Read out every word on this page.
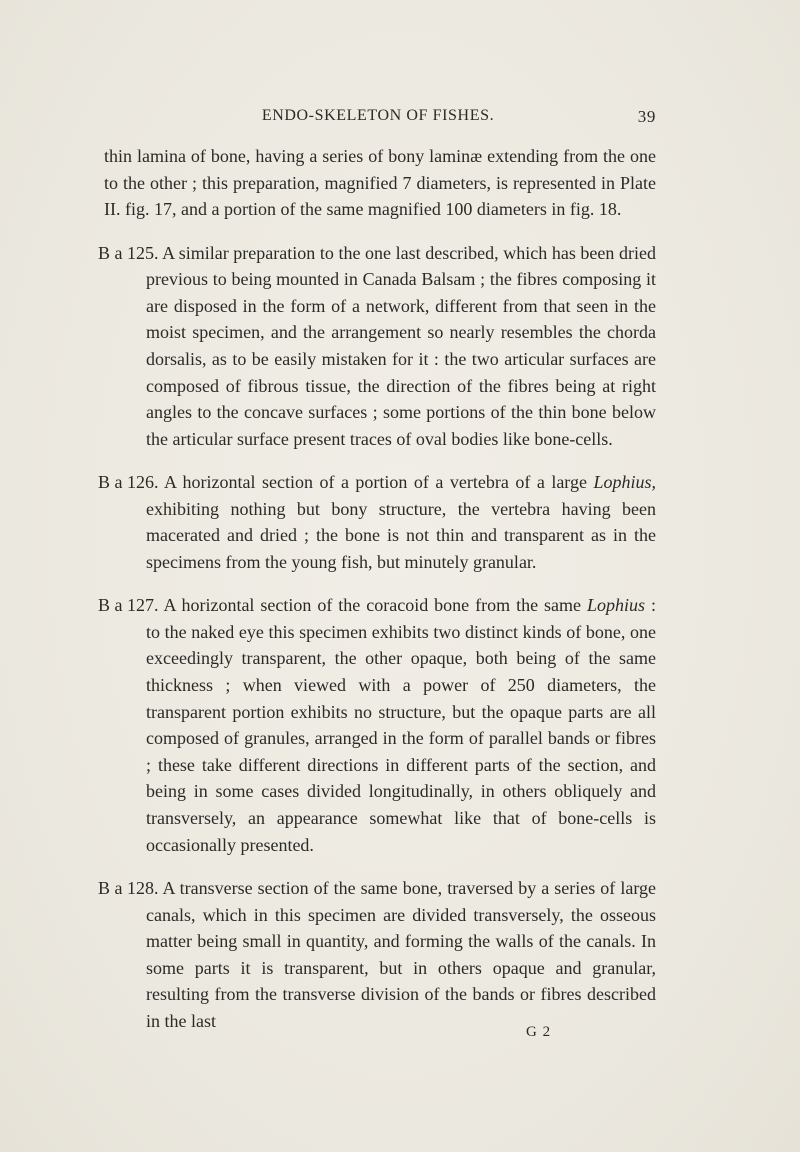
ENDO-SKELETON OF FISHES.	39

thin lamina of bone, having a series of bony laminæ extending from the one to the other ; this preparation, magnified 7 diameters, is represented in Plate II. fig. 17, and a portion of the same magnified 100 diameters in fig. 18.

B a 125. A similar preparation to the one last described, which has been dried previous to being mounted in Canada Balsam ; the fibres composing it are disposed in the form of a network, different from that seen in the moist specimen, and the arrangement so nearly resembles the chorda dorsalis, as to be easily mistaken for it : the two articular surfaces are composed of fibrous tissue, the direction of the fibres being at right angles to the concave surfaces ; some portions of the thin bone below the articular surface present traces of oval bodies like bone-cells.

B a 126. A horizontal section of a portion of a vertebra of a large Lophius, exhibiting nothing but bony structure, the vertebra having been macerated and dried ; the bone is not thin and transparent as in the specimens from the young fish, but minutely granular.

B a 127. A horizontal section of the coracoid bone from the same Lophius : to the naked eye this specimen exhibits two distinct kinds of bone, one exceedingly transparent, the other opaque, both being of the same thickness ; when viewed with a power of 250 diameters, the transparent portion exhibits no structure, but the opaque parts are all composed of granules, arranged in the form of parallel bands or fibres ; these take different directions in different parts of the section, and being in some cases divided longitudinally, in others obliquely and transversely, an appearance somewhat like that of bone-cells is occasionally presented.

B a 128. A transverse section of the same bone, traversed by a series of large canals, which in this specimen are divided transversely, the osseous matter being small in quantity, and forming the walls of the canals. In some parts it is transparent, but in others opaque and granular, resulting from the transverse division of the bands or fibres described in the last

G 2
